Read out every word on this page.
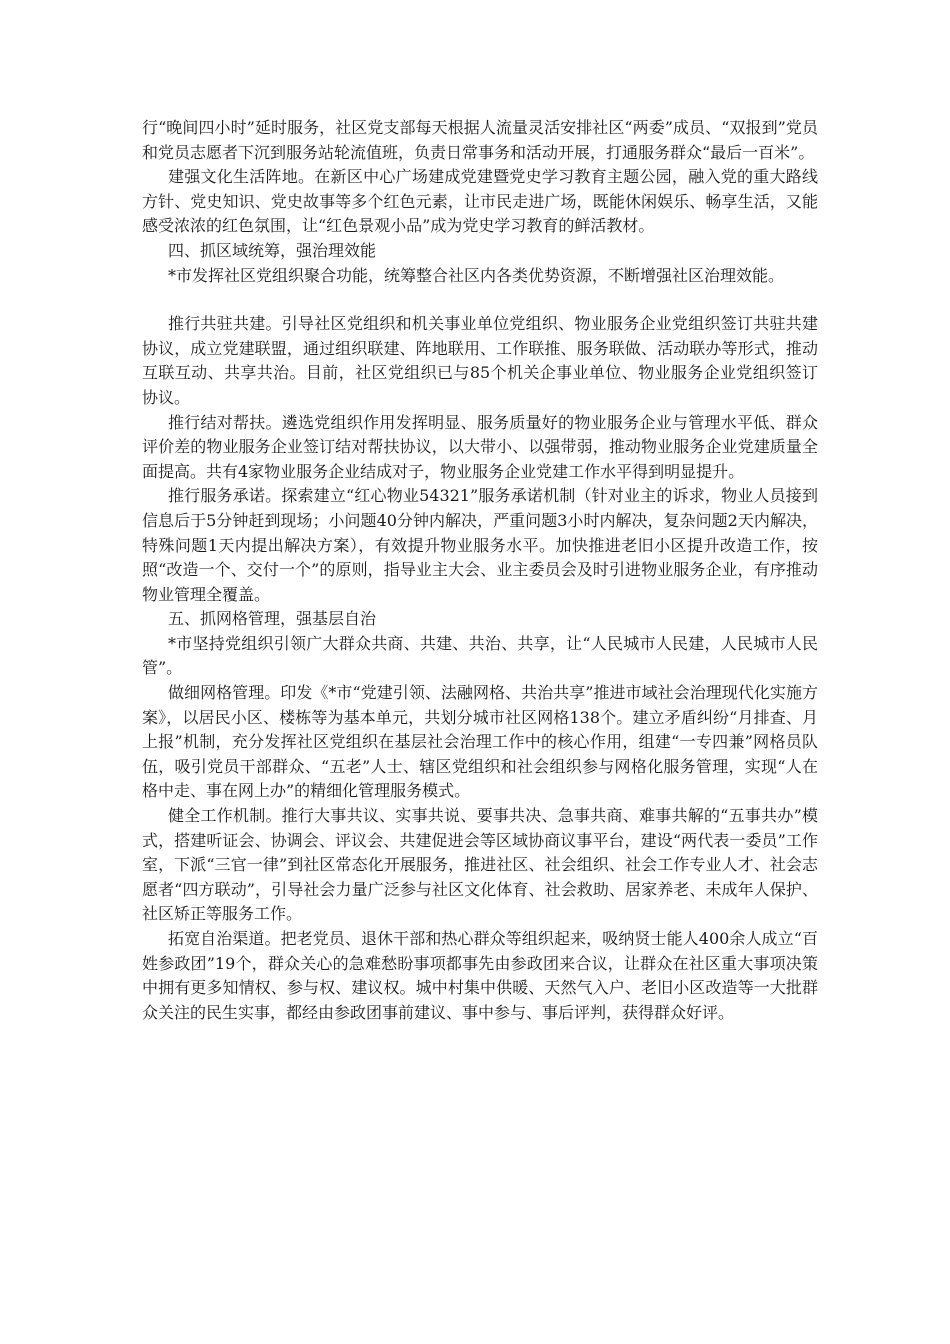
行“晚间四小时”延时服务，社区党支部每天根据人流量灵活安排社区“两委”成员、“双报到”党员和党员志愿者下沉到服务站轮流值班，负责日常事务和活动开展，打通服务群众“最后一百米”。

建强文化生活阵地。在新区中心广场建成党建暨党史学习教育主题公园，融入党的重大路线方针、党史知识、党史故事等多个红色元素，让市民走进广场，既能休闲娱乐、畅享生活，又能感受浓浓的红色氛围，让“红色景观小品”成为党史学习教育的鲜活教材。

四、抓区域统筹，强治理效能

*市发挥社区党组织聚合功能，统筹整合社区内各类优势资源，不断增强社区治理效能。

推行共驻共建。引导社区党组织和机关事业单位党组织、物业服务企业党组织签订共驻共建协议，成立党建联盟，通过组织联建、阵地联用、工作联推、服务联做、活动联办等形式，推动互联互动、共享共治。目前，社区党组织已与85个机关企事业单位、物业服务企业党组织签订协议。

推行结对帮扶。遴选党组织作用发挥明显、服务质量好的物业服务企业与管理水平低、群众评价差的物业服务企业签订结对帮扶协议，以大带小、以强带弱，推动物业服务企业党建质量全面提高。共有4家物业服务企业结成对子，物业服务企业党建工作水平得到明显提升。

推行服务承诺。探索建立“红心物业54321”服务承诺机制（针对业主的诉求，物业人员接到信息后于5分钟赶到现场；小问题40分钟内解决，严重问题3小时内解决，复杂问题2天内解决，特殊问题1天内提出解决方案），有效提升物业服务水平。加快推进老旧小区提升改造工作，按照“改造一个、交付一个”的原则，指导业主大会、业主委员会及时引进物业服务企业，有序推动物业管理全覆盖。

五、抓网格管理，强基层自治

*市坚持党组织引领广大群众共商、共建、共治、共享，让“人民城市人民建，人民城市人民管”。

做细网格管理。印发《*市“党建引领、法融网格、共治共享”推进市域社会治理现代化实施方案》，以居民小区、楼栋等为基本单元，共划分城市社区网格138个。建立矛盾纠纷“月排查、月上报”机制，充分发挥社区党组织在基层社会治理工作中的核心作用，组建“一专四兼”网格员队伍，吸引党员干部群众、“五老”人士、辖区党组织和社会组织参与网格化服务管理，实现“人在格中走、事在网上办”的精细化管理服务模式。

健全工作机制。推行大事共议、实事共说、要事共决、急事共商、难事共解的“五事共办”模式，搭建听证会、协调会、评议会、共建促进会等区域协商议事平台，建设“两代表一委员”工作室，下派“三官一律”到社区常态化开展服务，推进社区、社会组织、社会工作专业人才、社会志愿者“四方联动”，引导社会力量广泛参与社区文化体育、社会救助、居家养老、未成年人保护、社区矫正等服务工作。

拓宽自治渠道。把老党员、退休干部和热心群众等组织起来，吸纳贤士能人400余人成立“百姓参政团”19个，群众关心的急难愁盼事项都事先由参政团来合议，让群众在社区重大事项决策中拥有更多知情权、参与权、建议权。城中村集中供暖、天然气入户、老旧小区改造等一大批群众关注的民生实事，都经由参政团事前建议、事中参与、事后评判，获得群众好评。
